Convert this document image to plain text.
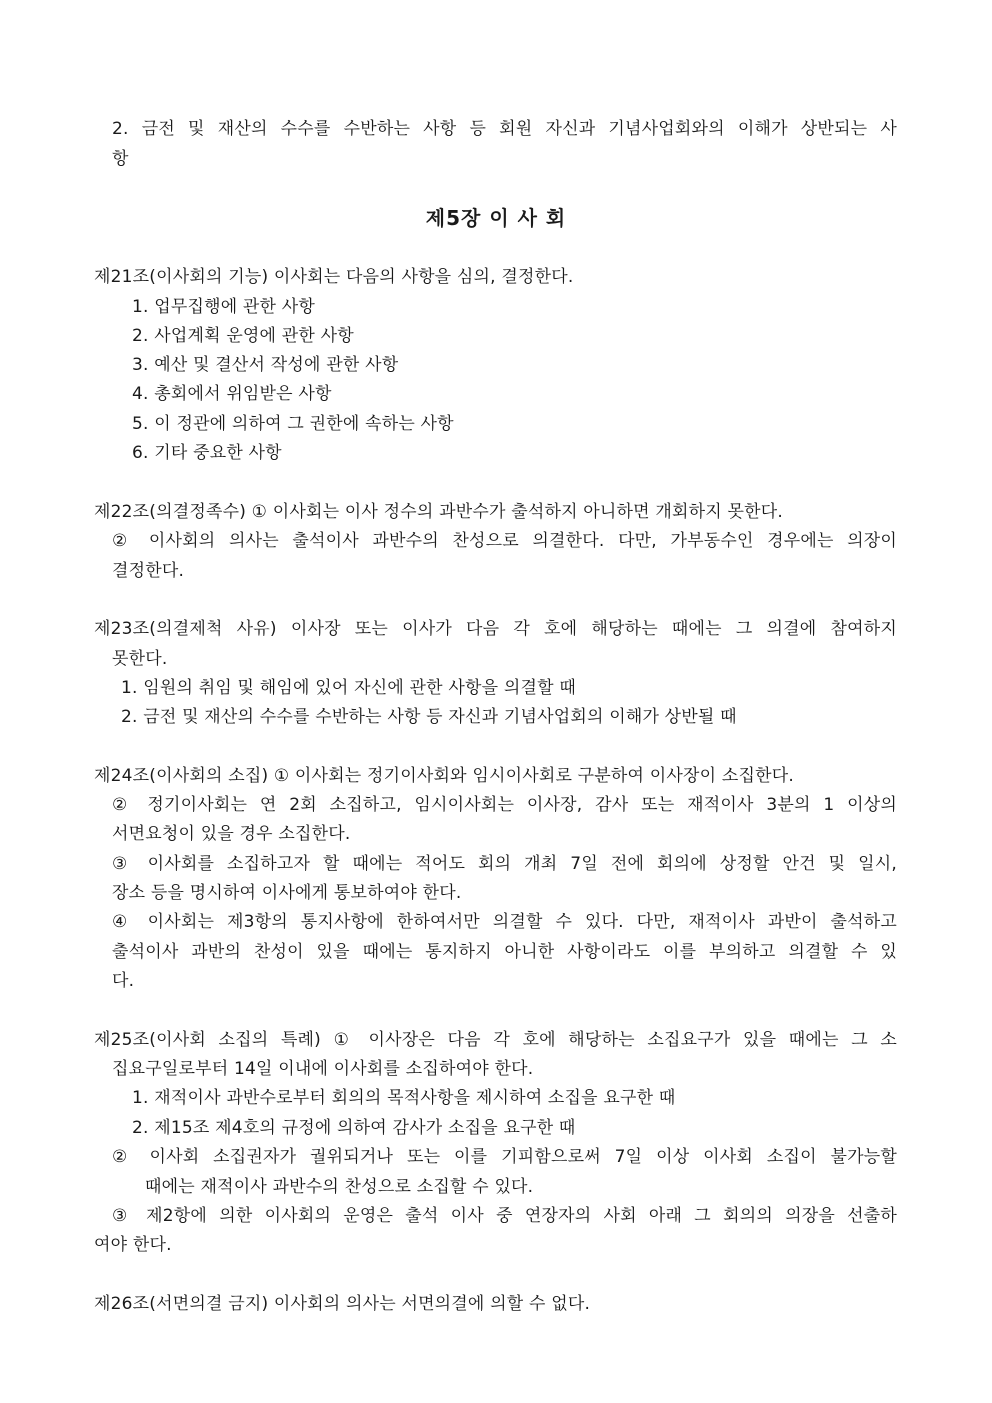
2. 금전 및 재산의 수수를 수반하는 사항 등 회원 자신과 기념사업회와의 이해가 상반되는 사
항
제5장 이 사 회
제21조(이사회의 기능) 이사회는 다음의 사항을 심의, 결정한다.
1. 업무집행에 관한 사항
2. 사업계획 운영에 관한 사항
3. 예산 및 결산서 작성에 관한 사항
4. 총회에서 위임받은 사항
5. 이 정관에 의하여 그 권한에 속하는 사항
6. 기타 중요한 사항
제22조(의결정족수) ① 이사회는 이사 정수의 과반수가 출석하지 아니하면 개회하지 못한다.
② 이사회의 의사는 출석이사 과반수의 찬성으로 의결한다. 다만, 가부동수인 경우에는 의장이
결정한다.
제23조(의결제척 사유) 이사장 또는 이사가 다음 각 호에 해당하는 때에는 그 의결에 참여하지
못한다.
1. 임원의 취임 및 해임에 있어 자신에 관한 사항을 의결할 때
2. 금전 및 재산의 수수를 수반하는 사항 등 자신과 기념사업회의 이해가 상반될 때
제24조(이사회의 소집) ① 이사회는 정기이사회와 임시이사회로 구분하여 이사장이 소집한다.
② 정기이사회는 연 2회 소집하고, 임시이사회는 이사장, 감사 또는 재적이사 3분의 1 이상의
서면요청이 있을 경우 소집한다.
③ 이사회를 소집하고자 할 때에는 적어도 회의 개최 7일 전에 회의에 상정할 안건 및 일시,
장소 등을 명시하여 이사에게 통보하여야 한다.
④ 이사회는 제3항의 통지사항에 한하여서만 의결할 수 있다. 다만, 재적이사 과반이 출석하고
출석이사 과반의 찬성이 있을 때에는 통지하지 아니한 사항이라도 이를 부의하고 의결할 수 있
다.
제25조(이사회 소집의 특례) ① 이사장은 다음 각 호에 해당하는 소집요구가 있을 때에는 그 소
집요구일로부터 14일 이내에 이사회를 소집하여야 한다.
1. 재적이사 과반수로부터 회의의 목적사항을 제시하여 소집을 요구한 때
2. 제15조 제4호의 규정에 의하여 감사가 소집을 요구한 때
② 이사회 소집권자가 궐위되거나 또는 이를 기피함으로써 7일 이상 이사회 소집이 불가능할
때에는 재적이사 과반수의 찬성으로 소집할 수 있다.
③ 제2항에 의한 이사회의 운영은 출석 이사 중 연장자의 사회 아래 그 회의의 의장을 선출하
여야 한다.
제26조(서면의결 금지) 이사회의 의사는 서면의결에 의할 수 없다.
